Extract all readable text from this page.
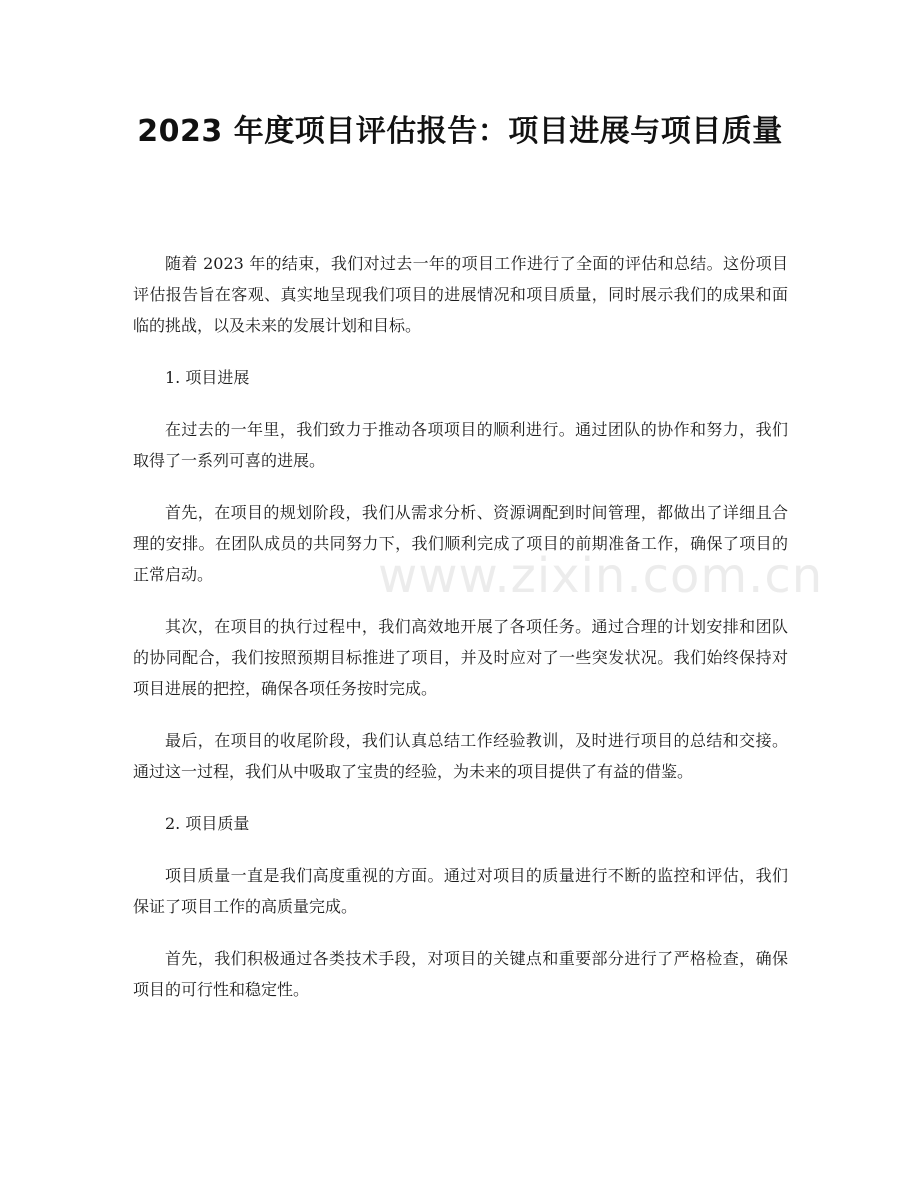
2023 年度项目评估报告：项目进展与项目质量
www.zixin.com.cn

随着 2023 年的结束，我们对过去一年的项目工作进行了全面的评估和总结。这份项目评估报告旨在客观、真实地呈现我们项目的进展情况和项目质量，同时展示我们的成果和面临的挑战，以及未来的发展计划和目标。

1. 项目进展

在过去的一年里，我们致力于推动各项项目的顺利进行。通过团队的协作和努力，我们取得了一系列可喜的进展。

首先，在项目的规划阶段，我们从需求分析、资源调配到时间管理，都做出了详细且合理的安排。在团队成员的共同努力下，我们顺利完成了项目的前期准备工作，确保了项目的正常启动。

其次，在项目的执行过程中，我们高效地开展了各项任务。通过合理的计划安排和团队的协同配合，我们按照预期目标推进了项目，并及时应对了一些突发状况。我们始终保持对项目进展的把控，确保各项任务按时完成。

最后，在项目的收尾阶段，我们认真总结工作经验教训，及时进行项目的总结和交接。通过这一过程，我们从中吸取了宝贵的经验，为未来的项目提供了有益的借鉴。

2. 项目质量

项目质量一直是我们高度重视的方面。通过对项目的质量进行不断的监控和评估，我们保证了项目工作的高质量完成。

首先，我们积极通过各类技术手段，对项目的关键点和重要部分进行了严格检查，确保项目的可行性和稳定性。
